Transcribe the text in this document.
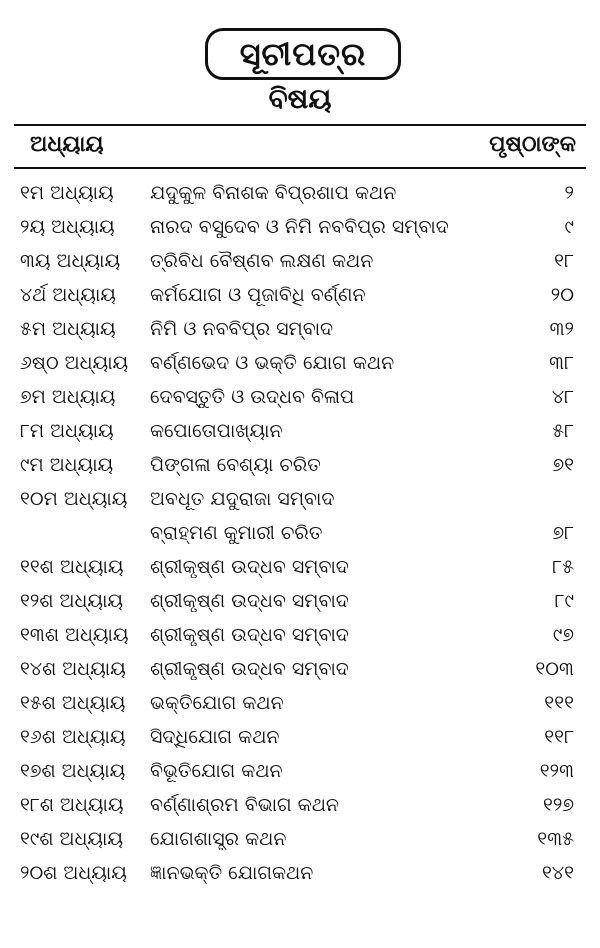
ସୂଚୀପତ୍ର
ବିଷୟ
ଅଧ୍ୟାୟ	ପୃଷ୍ଠାଙ୍କ
୧ମ ଅଧ୍ୟାୟ ଯଦୁକୁଳ ବିନାଶକ ବିପ୍ରଶାପ କଥନ	୨
୨ୟ ଅଧ୍ୟାୟ ନାରଦ ବସୁଦେବ ଓ ନିମି ନବବିପ୍ର ସମ୍ବାଦ	୯
୩ୟ ଅଧ୍ୟାୟ ତ୍ରିବିଧ ବୈଷ୍ଣବ ଲକ୍ଷଣ କଥନ	୧୮
୪ର୍ଥ ଅଧ୍ୟାୟ କର୍ମଯୋଗ ଓ ପୂଜାବିଧି ବର୍ଣ୍ଣନ	୨୦
୫ମ ଅଧ୍ୟାୟ ନିମି ଓ ନବବିପ୍ର ସମ୍ବାଦ	୩୨
୬ଷ୍ଠ ଅଧ୍ୟାୟ ବର୍ଣ୍ଣଭେଦ ଓ ଭକ୍ତି ଯୋଗ କଥନ	୩୮
୭ମ ଅଧ୍ୟାୟ ଦେବସ୍ତୁତି ଓ ଉଦ୍ଧବ ବିଳାପ	୪୮
୮ମ ଅଧ୍ୟାୟ କପୋତୋପାଖ୍ୟାନ	୫୮
୯ମ ଅଧ୍ୟାୟ ପିଙ୍ଗଳା ବେଶ୍ୟା ଚରିତ	୭୧
୧୦ମ ଅଧ୍ୟାୟ ଅବଧୂତ ଯଦୁରାଜା ସମ୍ବାଦ
ବ୍ରାହ୍ମଣ କୁମାରୀ ଚରିତ	୭୮
୧୧ଶ ଅଧ୍ୟାୟ ଶ୍ରୀକୃଷ୍ଣ ଉଦ୍ଧବ ସମ୍ବାଦ	୮୫
୧୨ଶ ଅଧ୍ୟାୟ ଶ୍ରୀକୃଷ୍ଣ ଉଦ୍ଧବ ସମ୍ବାଦ	୮୯
୧୩ଶ ଅଧ୍ୟାୟ ଶ୍ରୀକୃଷ୍ଣ ଉଦ୍ଧବ ସମ୍ବାଦ	୯୭
୧୪ଶ ଅଧ୍ୟାୟ ଶ୍ରୀକୃଷ୍ଣ ଉଦ୍ଧବ ସମ୍ବାଦ	୧୦୩
୧୫ଶ ଅଧ୍ୟାୟ ଭକ୍ତିଯୋଗ କଥନ	୧୧୧
୧୬ଶ ଅଧ୍ୟାୟ ସିଦ୍ଧିଯୋଗ କଥନ	୧୧୮
୧୭ଶ ଅଧ୍ୟାୟ ବିଭୂତିଯୋଗ କଥନ	୧୨୩
୧୮ଶ ଅଧ୍ୟାୟ ବର୍ଣ୍ଣାଶ୍ରମ ବିଭାଗ କଥନ	୧୨୭
୧୯ଶ ଅଧ୍ୟାୟ ଯୋଗଶାସ୍ତ୍ର କଥନ	୧୩୫
୨୦ଶ ଅଧ୍ୟାୟ ଜ୍ଞାନଭକ୍ତି ଯୋଗକଥନ	୧୪୧
